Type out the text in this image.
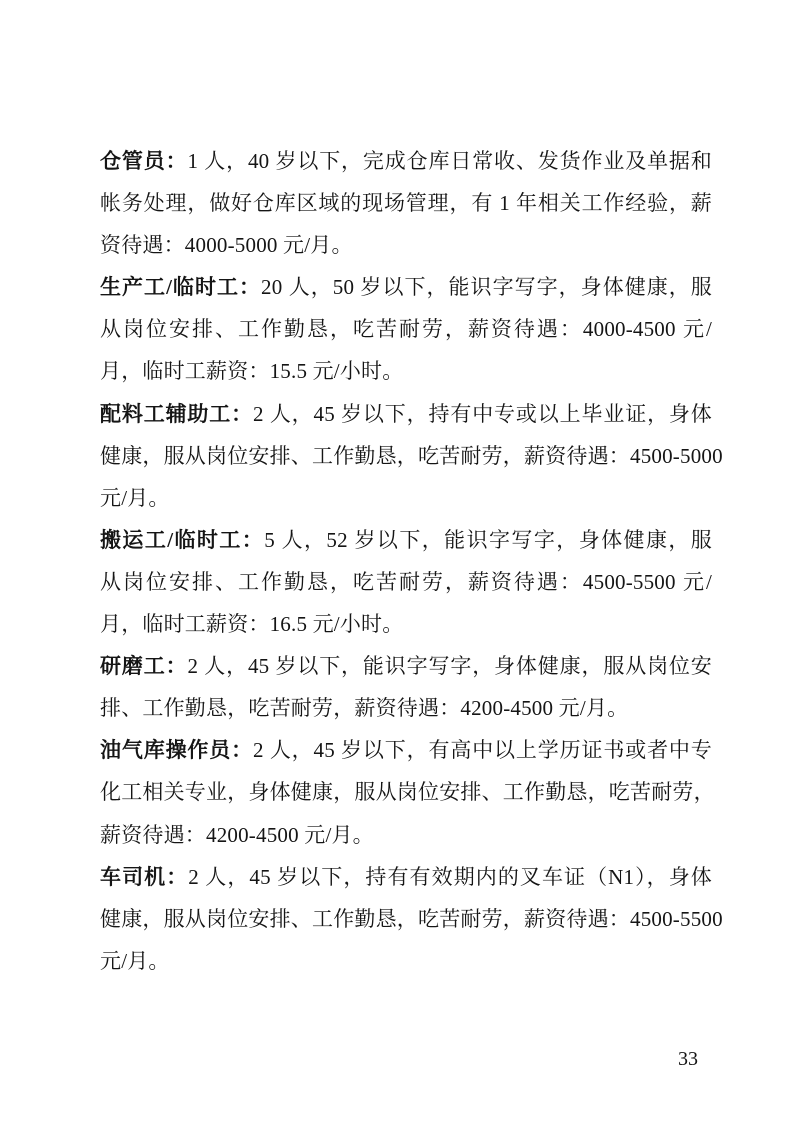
仓管员：1 人，40 岁以下，完成仓库日常收、发货作业及单据和
帐务处理，做好仓库区域的现场管理，有 1 年相关工作经验，薪
资待遇：4000-5000 元/月。
生产工/临时工：20 人，50 岁以下，能识字写字，身体健康，服
从岗位安排、工作勤恳，吃苦耐劳，薪资待遇：4000-4500 元/
月，临时工薪资：15.5 元/小时。
配料工辅助工：2 人，45 岁以下，持有中专或以上毕业证，身体
健康，服从岗位安排、工作勤恳，吃苦耐劳，薪资待遇：4500-5000
元/月。
搬运工/临时工：5 人，52 岁以下，能识字写字，身体健康，服
从岗位安排、工作勤恳，吃苦耐劳，薪资待遇：4500-5500 元/
月，临时工薪资：16.5 元/小时。
研磨工：2 人，45 岁以下，能识字写字，身体健康，服从岗位安
排、工作勤恳，吃苦耐劳，薪资待遇：4200-4500 元/月。
油气库操作员：2 人，45 岁以下，有高中以上学历证书或者中专
化工相关专业，身体健康，服从岗位安排、工作勤恳，吃苦耐劳，
薪资待遇：4200-4500 元/月。
车司机：2 人，45 岁以下，持有有效期内的叉车证（N1），身体
健康，服从岗位安排、工作勤恳，吃苦耐劳，薪资待遇：4500-5500
元/月。
33
